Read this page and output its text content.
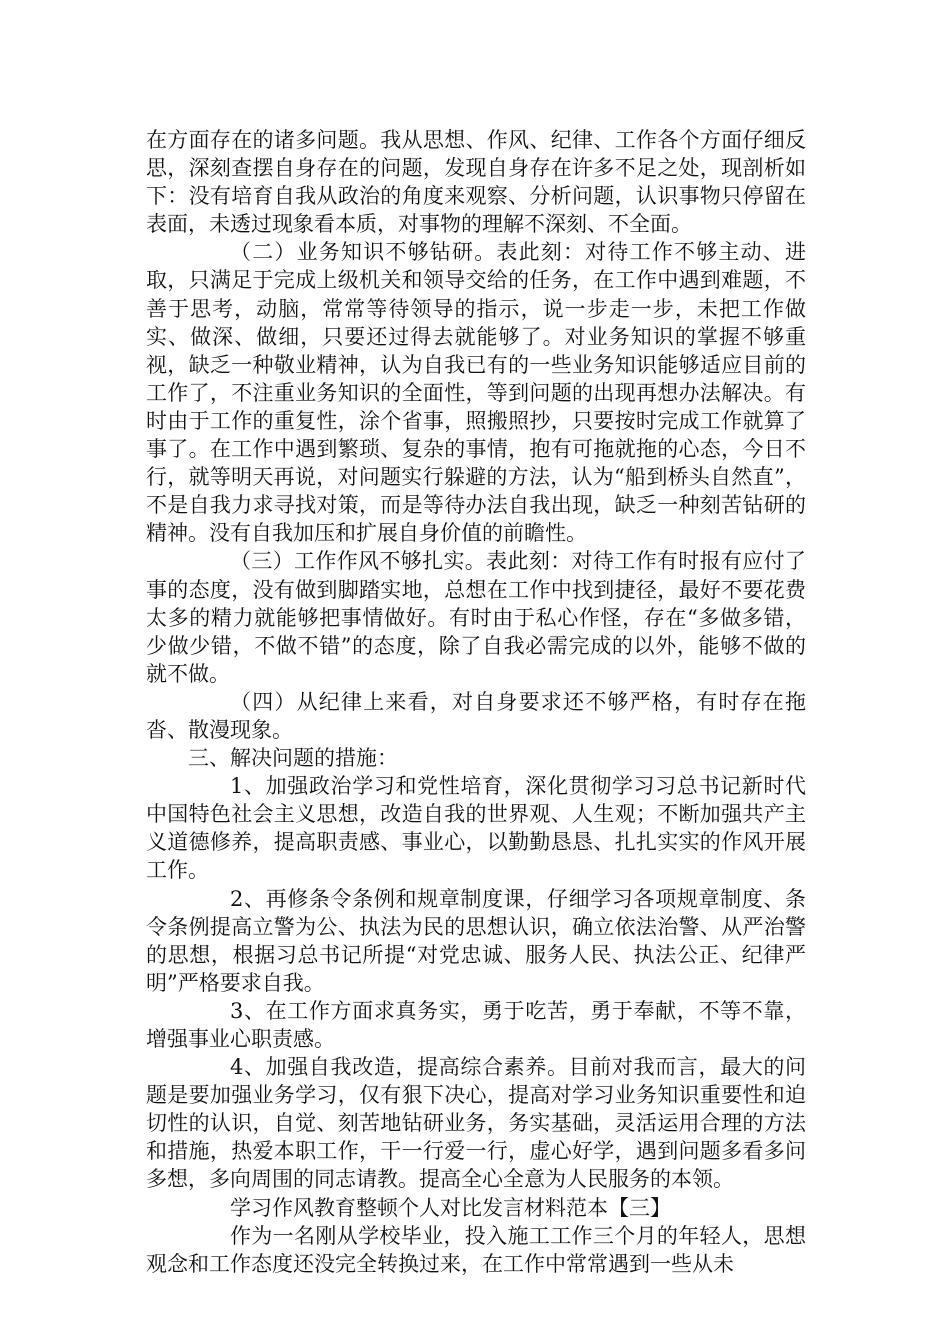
在方面存在的诸多问题。我从思想、作风、纪律、工作各个方面仔细反思，深刻查摆自身存在的问题，发现自身存在许多不足之处，现剖析如下：没有培育自我从政治的角度来观察、分析问题，认识事物只停留在表面，未透过现象看本质，对事物的理解不深刻、不全面。

（二）业务知识不够钻研。表此刻：对待工作不够主动、进取，只满足于完成上级机关和领导交给的任务，在工作中遇到难题，不善于思考，动脑，常常等待领导的指示，说一步走一步，未把工作做实、做深、做细，只要还过得去就能够了。对业务知识的掌握不够重视，缺乏一种敬业精神，认为自我已有的一些业务知识能够适应目前的工作了，不注重业务知识的全面性，等到问题的出现再想办法解决。有时由于工作的重复性，涂个省事，照搬照抄，只要按时完成工作就算了事了。在工作中遇到繁琐、复杂的事情，抱有可拖就拖的心态，今日不行，就等明天再说，对问题实行躲避的方法，认为“船到桥头自然直”，不是自我力求寻找对策，而是等待办法自我出现，缺乏一种刻苦钻研的精神。没有自我加压和扩展自身价值的前瞻性。

（三）工作作风不够扎实。表此刻：对待工作有时报有应付了事的态度，没有做到脚踏实地，总想在工作中找到捷径，最好不要花费太多的精力就能够把事情做好。有时由于私心作怪，存在“多做多错，少做少错，不做不错”的态度，除了自我必需完成的以外，能够不做的就不做。

（四）从纪律上来看，对自身要求还不够严格，有时存在拖沓、散漫现象。

三、解决问题的措施：

1、加强政治学习和党性培育，深化贯彻学习习总书记新时代中国特色社会主义思想，改造自我的世界观、人生观；不断加强共产主义道德修养，提高职责感、事业心，以勤勤恳恳、扎扎实实的作风开展工作。

2、再修条令条例和规章制度课，仔细学习各项规章制度、条令条例提高立警为公、执法为民的思想认识，确立依法治警、从严治警的思想，根据习总书记所提“对党忠诚、服务人民、执法公正、纪律严明”严格要求自我。

3、在工作方面求真务实，勇于吃苦，勇于奉献，不等不靠，增强事业心职责感。

4、加强自我改造，提高综合素养。目前对我而言，最大的问题是要加强业务学习，仅有狠下决心，提高对学习业务知识重要性和迫切性的认识，自觉、刻苦地钻研业务，务实基础，灵活运用合理的方法和措施，热爱本职工作，干一行爱一行，虚心好学，遇到问题多看多问多想，多向周围的同志请教。提高全心全意为人民服务的本领。

学习作风教育整顿个人对比发言材料范本【三】

作为一名刚从学校毕业，投入施工工作三个月的年轻人，思想观念和工作态度还没完全转换过来，在工作中常常遇到一些从未
